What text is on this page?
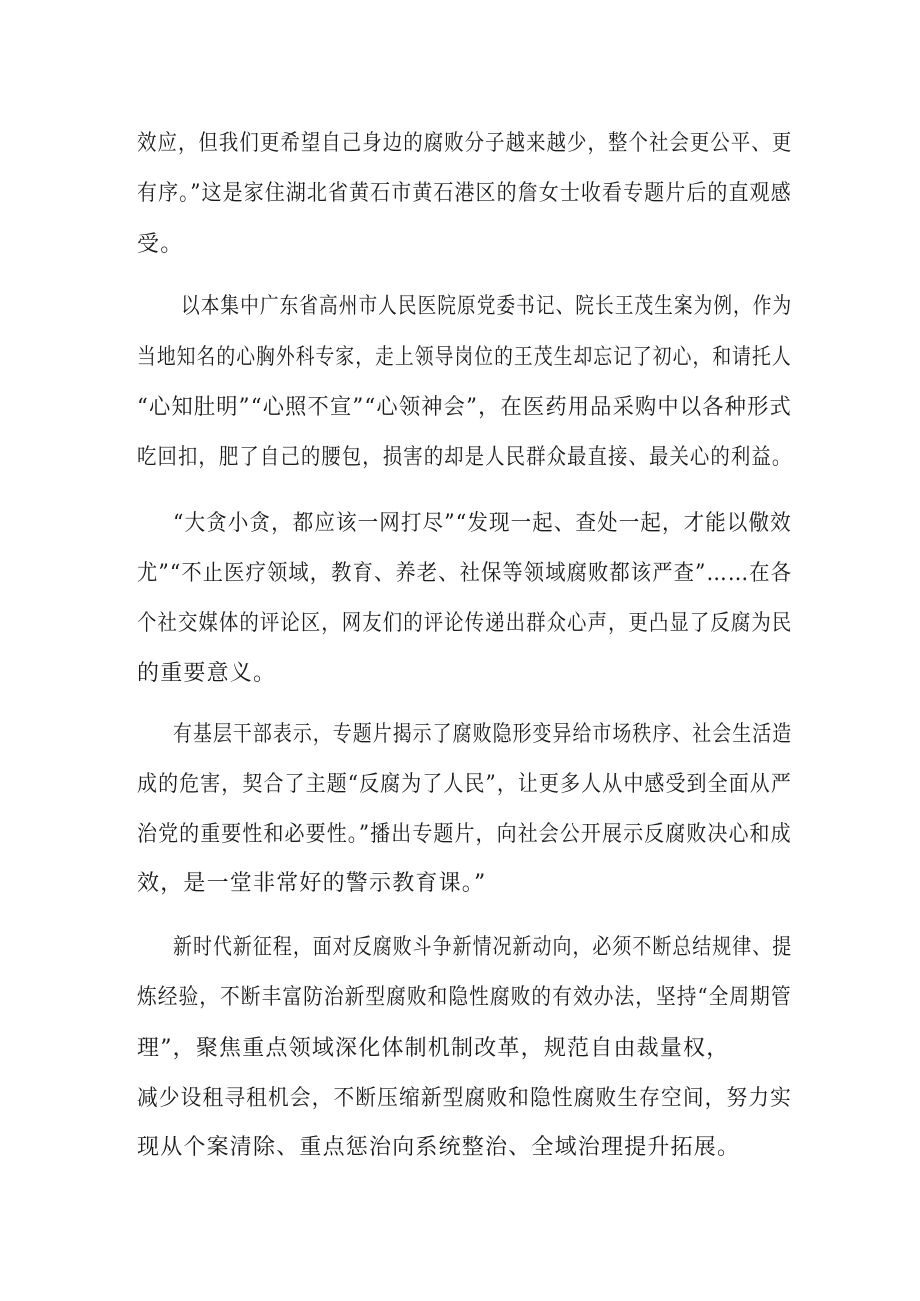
效应，但我们更希望自己身边的腐败分子越来越少，整个社会更公平、更
有序。”这是家住湖北省黄石市黄石港区的詹女士收看专题片后的直观感
受。
以本集中广东省高州市人民医院原党委书记、院长王茂生案为例，作为
当地知名的心胸外科专家，走上领导岗位的王茂生却忘记了初心，和请托人
“心知肚明”“心照不宣”“心领神会”，在医药用品采购中以各种形式
吃回扣，肥了自己的腰包，损害的却是人民群众最直接、最关心的利益。
“大贪小贪，都应该一网打尽”“发现一起、查处一起，才能以儆效
尤”“不止医疗领域，教育、养老、社保等领域腐败都该严查”……在各
个社交媒体的评论区，网友们的评论传递出群众心声，更凸显了反腐为民
的重要意义。
有基层干部表示，专题片揭示了腐败隐形变异给市场秩序、社会生活造
成的危害，契合了主题“反腐为了人民”，让更多人从中感受到全面从严
治党的重要性和必要性。”播出专题片，向社会公开展示反腐败决心和成
效，是一堂非常好的警示教育课。”
新时代新征程，面对反腐败斗争新情况新动向，必须不断总结规律、提
炼经验，不断丰富防治新型腐败和隐性腐败的有效办法，坚持“全周期管
理”，聚焦重点领域深化体制机制改革，规范自由裁量权，
减少设租寻租机会，不断压缩新型腐败和隐性腐败生存空间，努力实
现从个案清除、重点惩治向系统整治、全域治理提升拓展。
